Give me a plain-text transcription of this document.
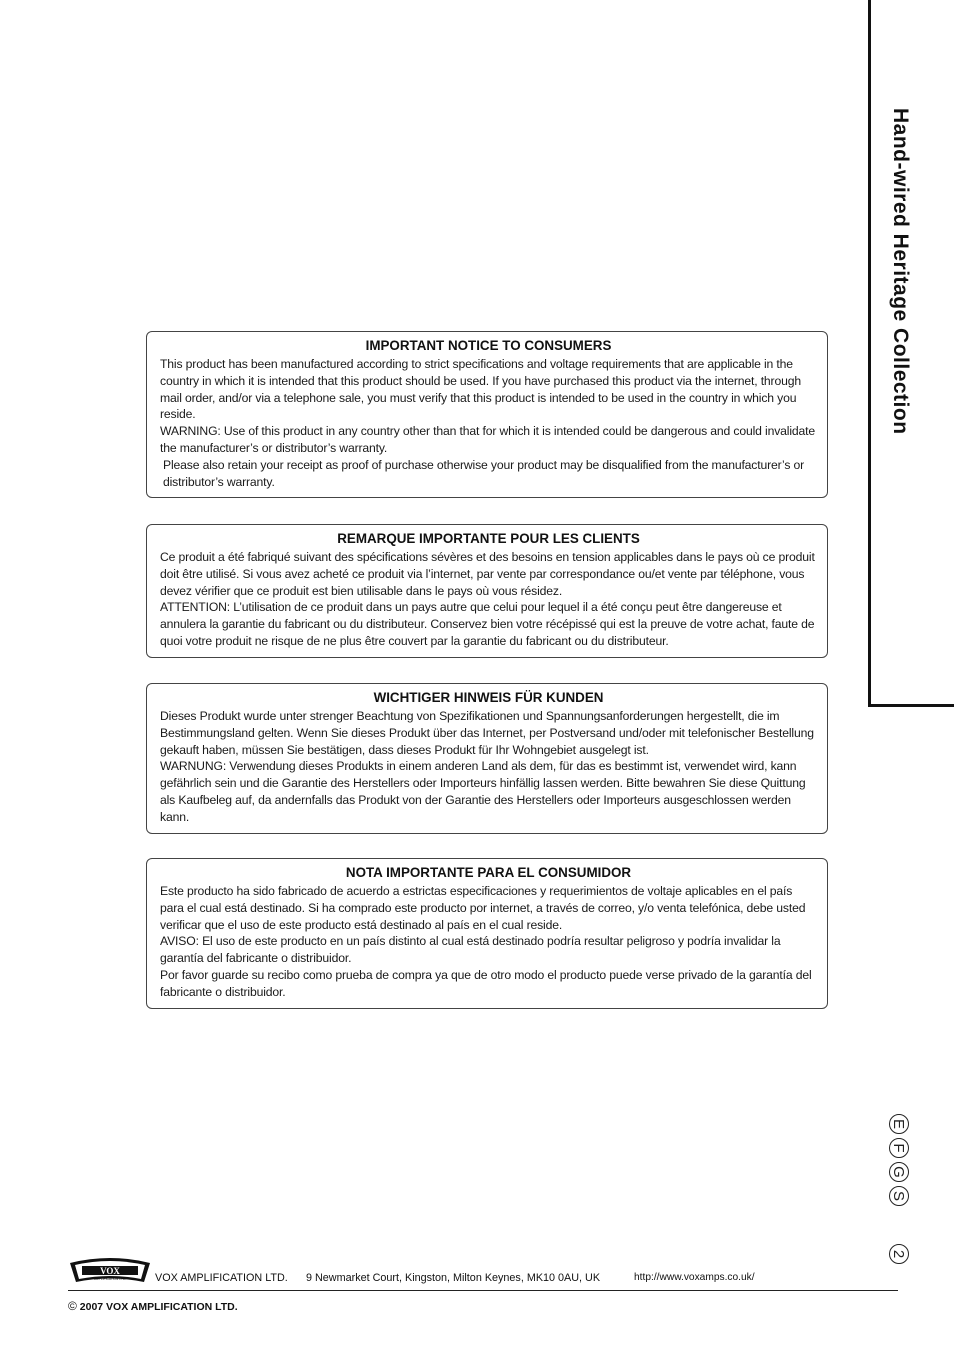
Hand-wired Heritage Collection
IMPORTANT NOTICE TO CONSUMERS

This product has been manufactured according to strict specifications and voltage requirements that are applicable in the country in which it is intended that this product should be used. If you have purchased this product via the internet, through mail order, and/or via a telephone sale, you must verify that this product is intended to be used in the country in which you reside.

WARNING: Use of this product in any country other than that for which it is intended could be dangerous and could invalidate the manufacturer’s or distributor’s warranty.

Please also retain your receipt as proof of purchase otherwise your product may be disqualified from the manufacturer’s or distributor’s warranty.

REMARQUE IMPORTANTE POUR LES CLIENTS

Ce produit a été fabriqué suivant des spécifications sévères et des besoins en tension applicables dans le pays où ce produit doit être utilisé. Si vous avez acheté ce produit via l’internet, par vente par correspondance ou/et vente par téléphone, vous devez vérifier que ce produit est bien utilisable dans le pays où vous résidez.

ATTENTION: L’utilisation de ce produit dans un pays autre que celui pour lequel il a été conçu peut être dangereuse et annulera la garantie du fabricant ou du distributeur. Conservez bien votre récépissé qui est la preuve de votre achat, faute de quoi votre produit ne risque de ne plus être couvert par la garantie du fabricant ou du distributeur.

WICHTIGER HINWEIS FÜR KUNDEN

Dieses Produkt wurde unter strenger Beachtung von Spezifikationen und Spannungsanforderungen hergestellt, die im Bestimmungsland gelten. Wenn Sie dieses Produkt über das Internet, per Postversand und/oder mit telefonischer Bestellung gekauft haben, müssen Sie bestätigen, dass dieses Produkt für Ihr Wohngebiet ausgelegt ist.

WARNUNG: Verwendung dieses Produkts in einem anderen Land als dem, für das es bestimmt ist, verwendet wird, kann gefährlich sein und die Garantie des Herstellers oder Importeurs hinfällig lassen werden. Bitte bewahren Sie diese Quittung als Kaufbeleg auf, da andernfalls das Produkt von der Garantie des Herstellers oder Importeurs ausgeschlossen werden kann.

NOTA IMPORTANTE PARA EL CONSUMIDOR

Este producto ha sido fabricado de acuerdo a estrictas especificaciones y requerimientos de voltaje aplicables en el país para el cual está destinado. Si ha comprado este producto por internet, a través de correo, y/o venta telefónica, debe usted verificar que el uso de este producto está destinado al país en el cual reside.

AVISO: El uso de este producto en un país distinto al cual está destinado podría resultar peligroso y podría invalidar la garantía del fabricante o distribuidor.

Por favor guarde su recibo como prueba de compra ya que de otro modo el producto puede verse privado de la garantía del fabricante o distribuidor.

E
F
G
S
2
VOX
AMPLIFICATION LTD.	VOX AMPLIFICATION LTD. 9 Newmarket Court, Kingston, Milton Keynes, MK10 0AU, UK	http://www.voxamps.co.uk/
© 2007 VOX AMPLIFICATION LTD.
